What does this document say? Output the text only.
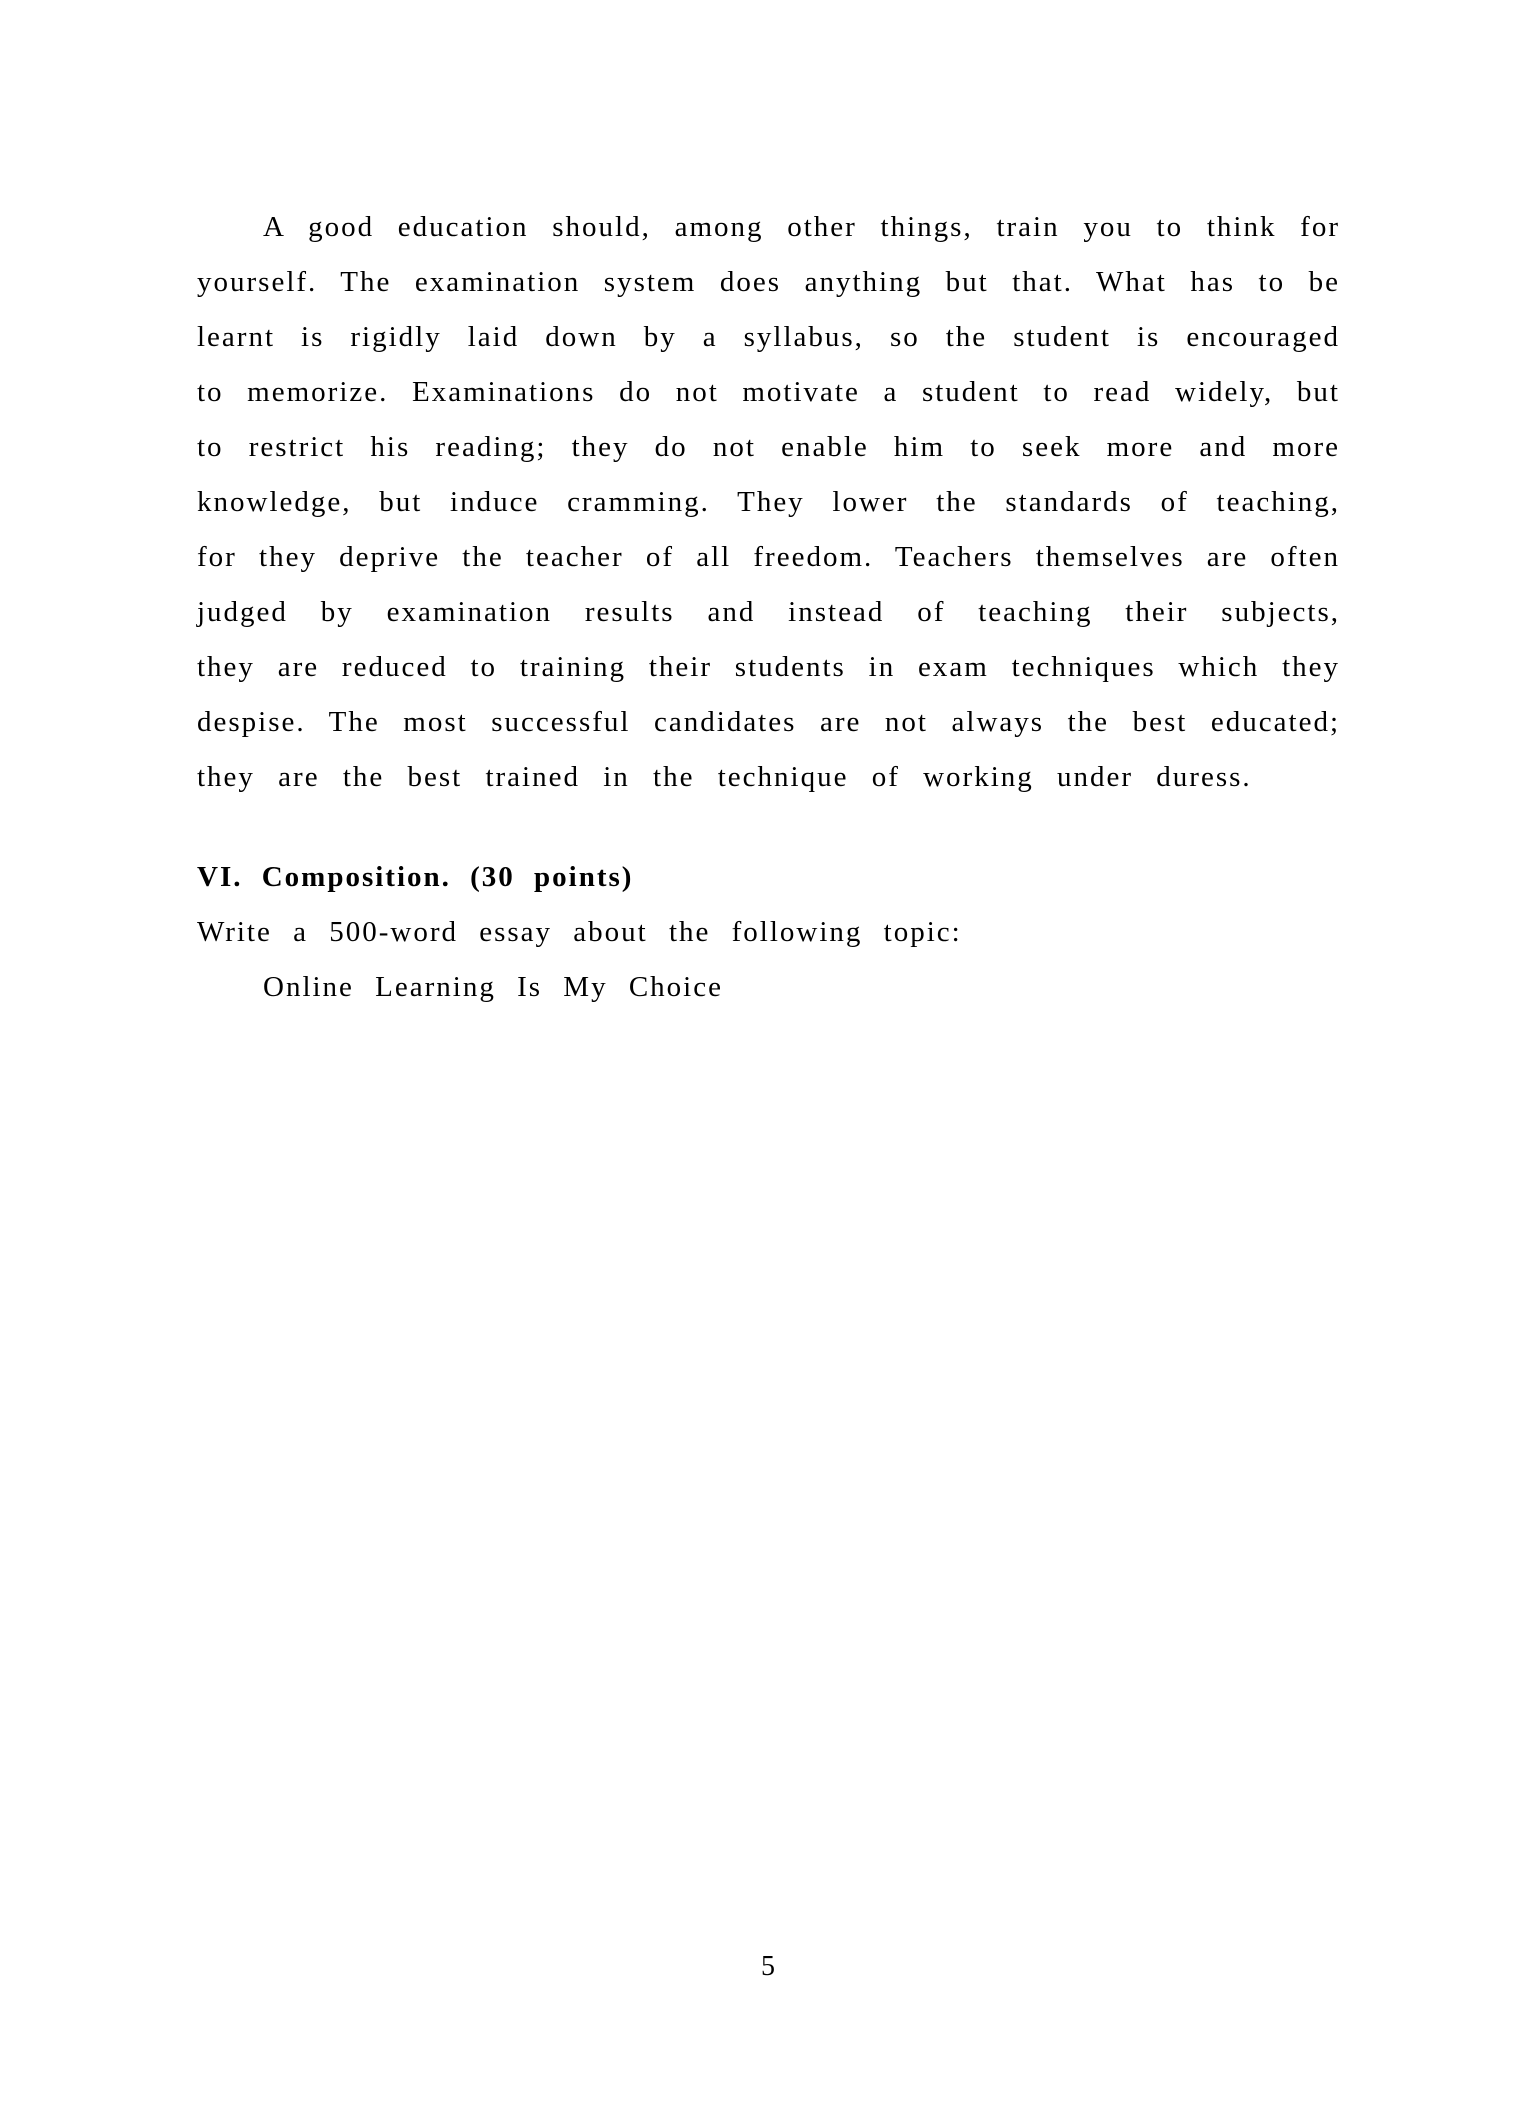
A good education should, among other things, train you to think for
yourself. The examination system does anything but that. What has to be
learnt is rigidly laid down by a syllabus, so the student is encouraged
to memorize. Examinations do not motivate a student to read widely, but
to restrict his reading; they do not enable him to seek more and more
knowledge, but induce cramming. They lower the standards of teaching,
for they deprive the teacher of all freedom. Teachers themselves are often
judged by examination results and instead of teaching their subjects,
they are reduced to training their students in exam techniques which they
despise. The most successful candidates are not always the best educated;
they are the best trained in the technique of working under duress.
VI. Composition. (30 points)
Write a 500-word essay about the following topic:
Online Learning Is My Choice
5
